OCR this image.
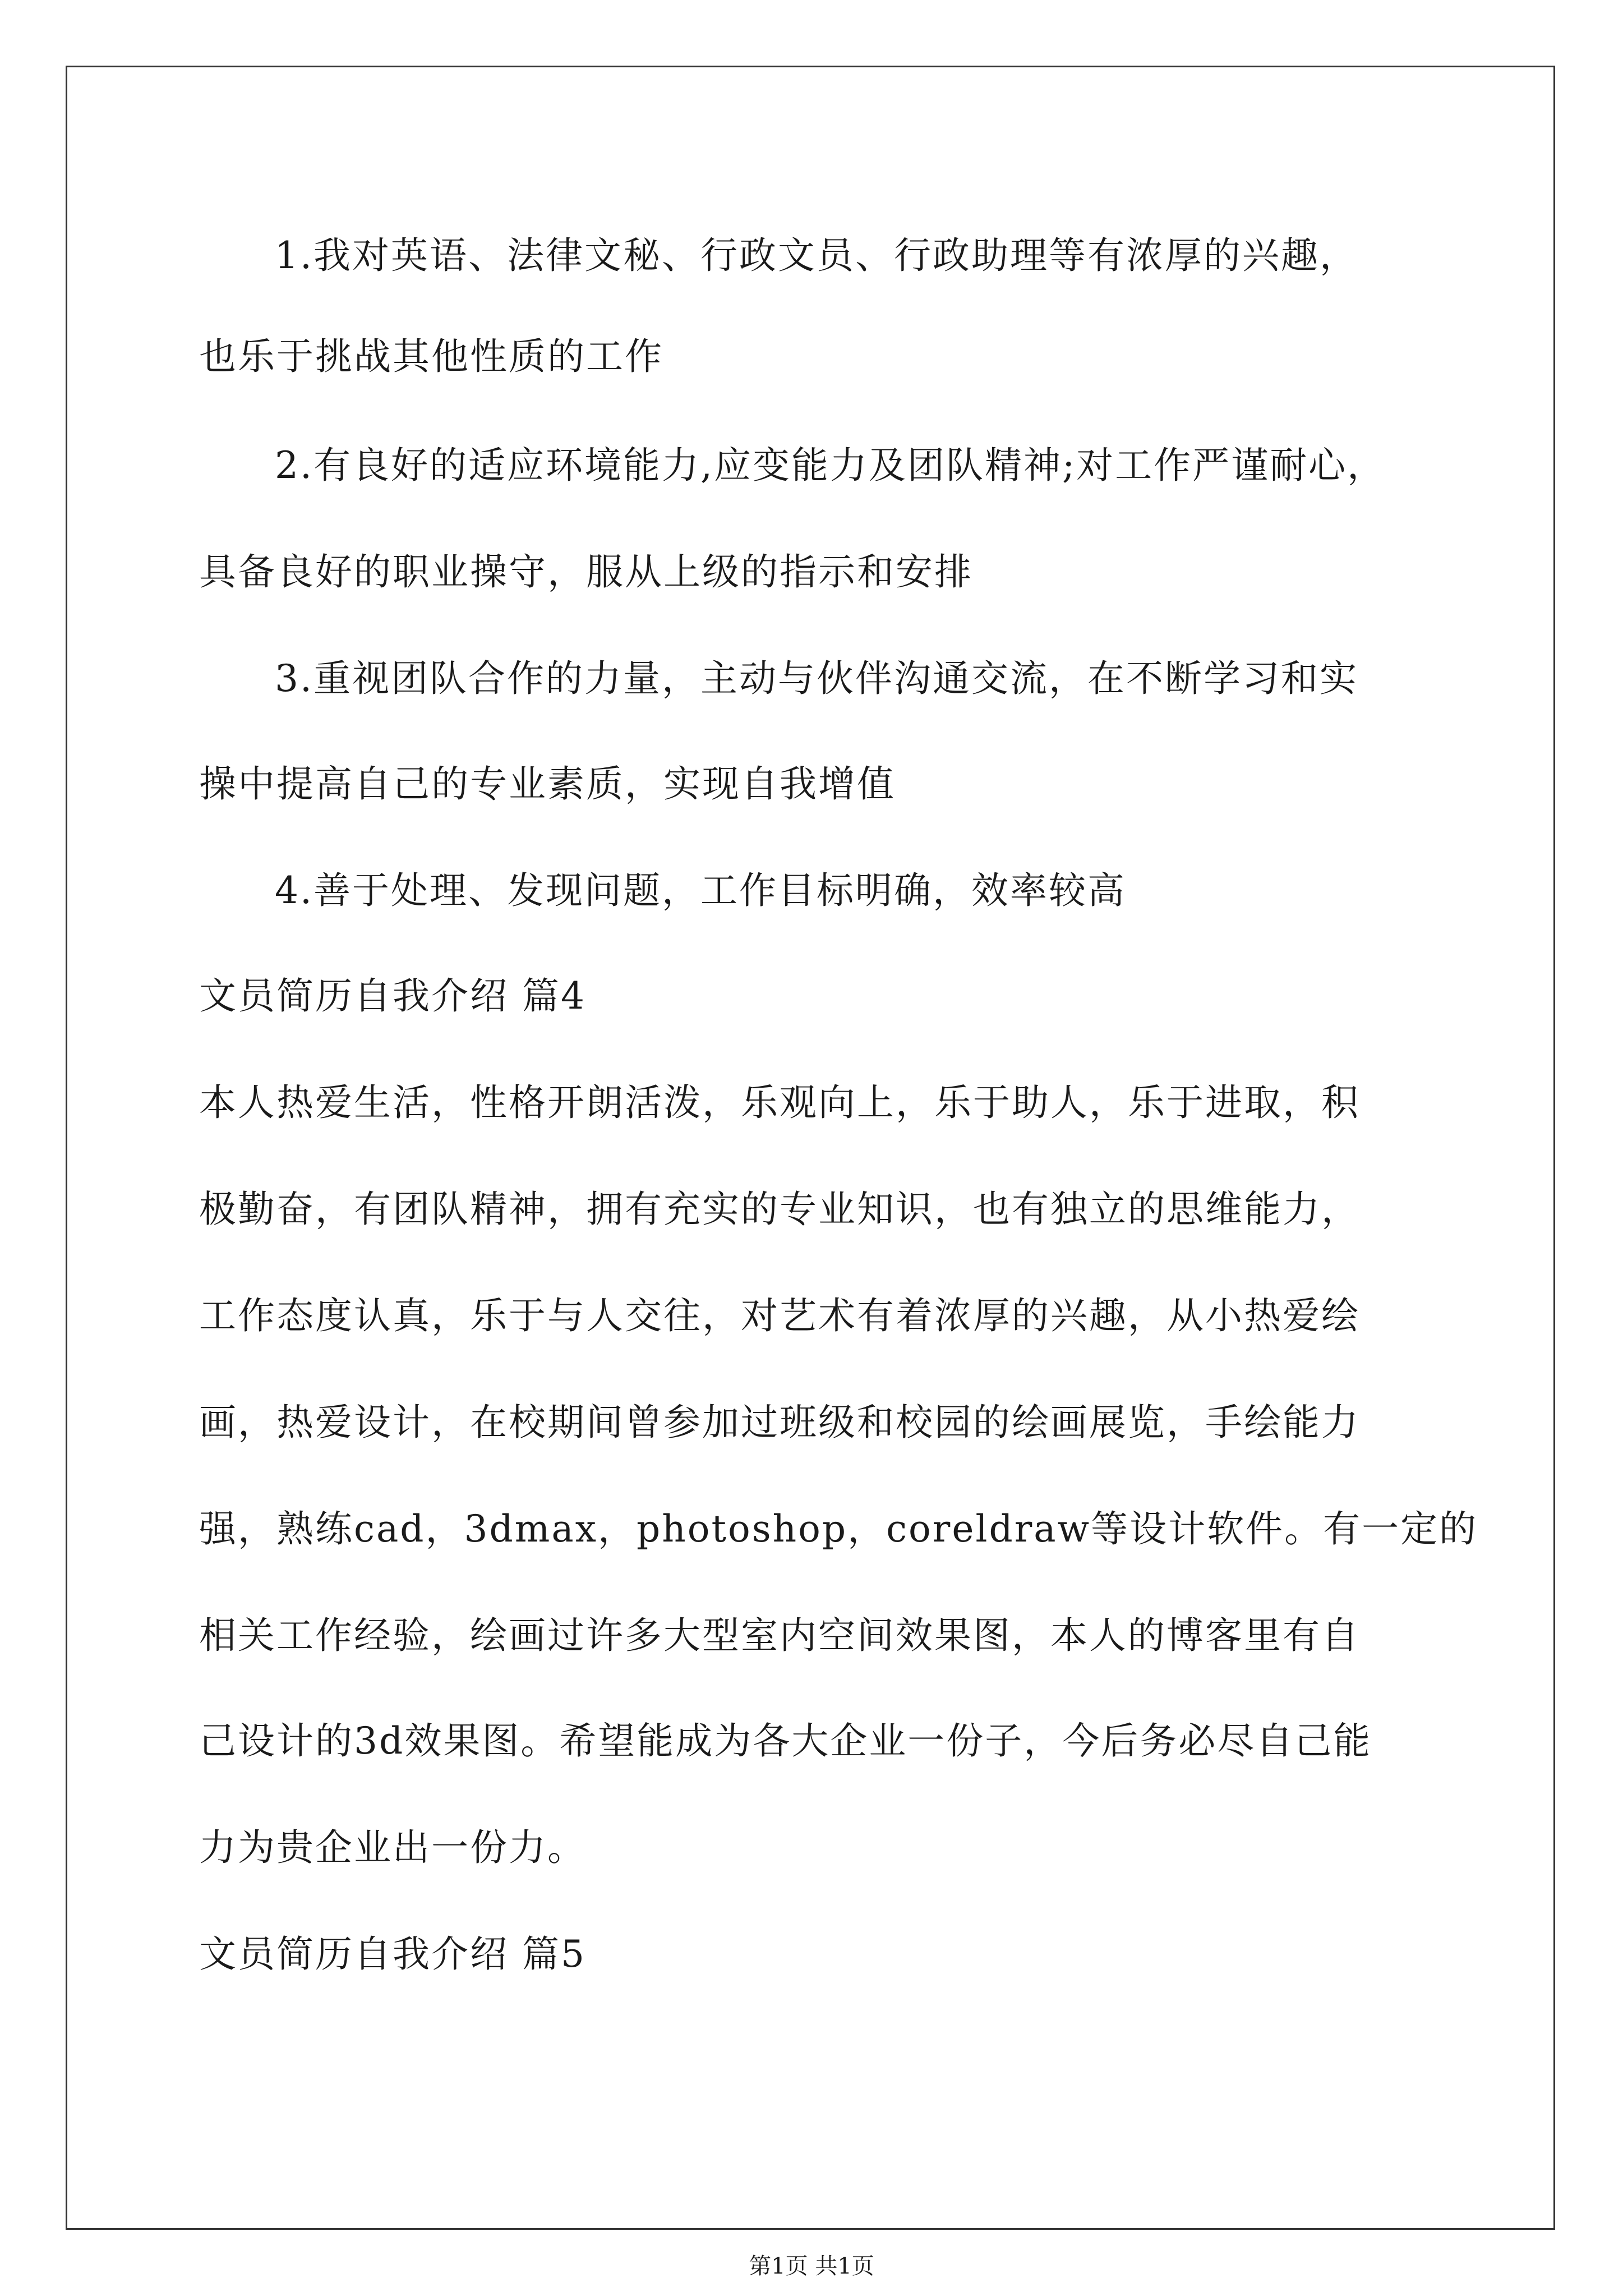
1.我对英语、法律文秘、行政文员、行政助理等有浓厚的兴趣，
也乐于挑战其他性质的工作
2.有良好的适应环境能力,应变能力及团队精神;对工作严谨耐心，
具备良好的职业操守，服从上级的指示和安排
3.重视团队合作的力量，主动与伙伴沟通交流，在不断学习和实
操中提高自己的专业素质，实现自我增值
4.善于处理、发现问题，工作目标明确，效率较高
文员简历自我介绍 篇4
本人热爱生活，性格开朗活泼，乐观向上，乐于助人，乐于进取，积
极勤奋，有团队精神，拥有充实的专业知识，也有独立的思维能力，
工作态度认真，乐于与人交往，对艺术有着浓厚的兴趣，从小热爱绘
画，热爱设计，在校期间曾参加过班级和校园的绘画展览，手绘能力
强，熟练cad，3dmax，photoshop，coreldraw等设计软件。有一定的
相关工作经验，绘画过许多大型室内空间效果图，本人的博客里有自
己设计的3d效果图。希望能成为各大企业一份子，今后务必尽自己能
力为贵企业出一份力。
文员简历自我介绍 篇5
第1页 共1页
